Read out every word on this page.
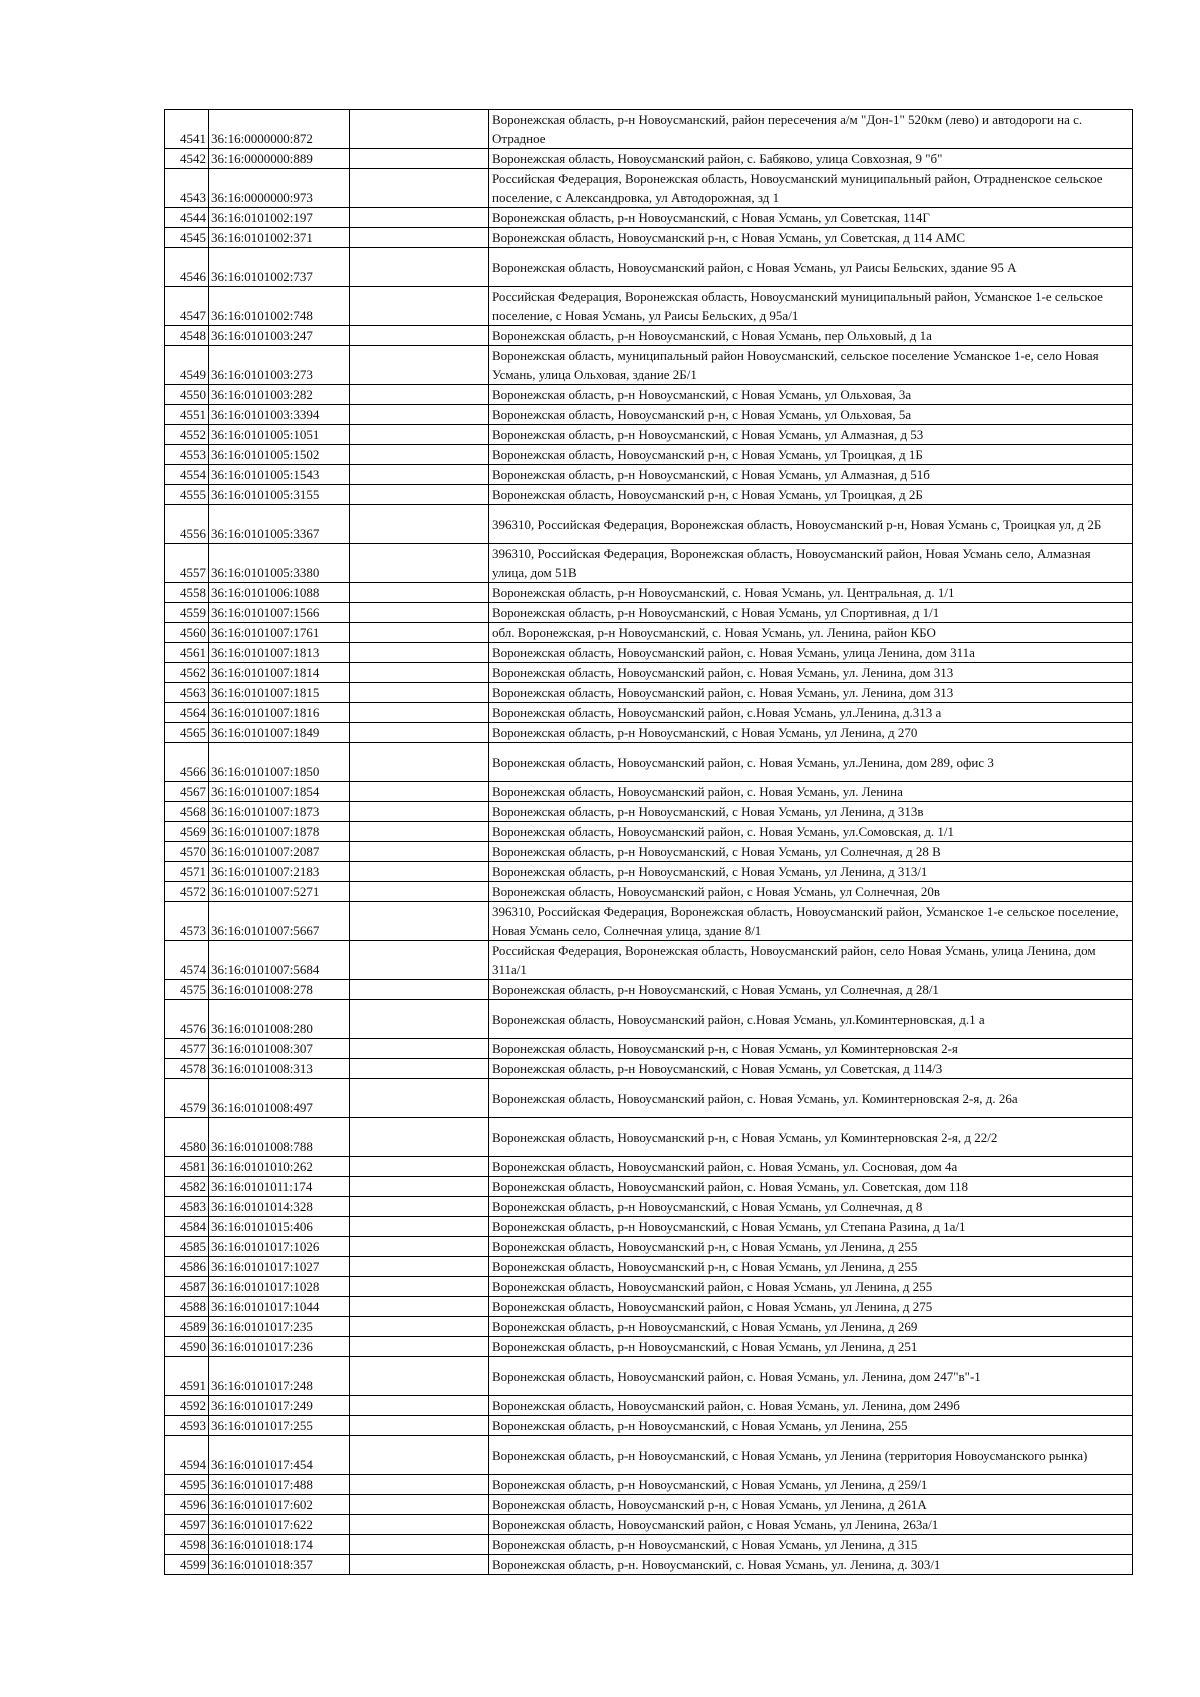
4541	36:16:0000000:872		Воронежская область, р-н Новоусманский, район пересечения а/м "Дон-1" 520км (лево) и автодороги на с. Отрадное
4542	36:16:0000000:889		Воронежская область, Новоусманский район, с. Бабяково, улица Совхозная, 9 "б"
4543	36:16:0000000:973		Российская Федерация, Воронежская область, Новоусманский муниципальный район, Отрадненское сельское поселение, с Александровка, ул Автодорожная, зд 1
4544	36:16:0101002:197		Воронежская область, р-н Новоусманский, с Новая Усмань, ул Советская, 114Г
4545	36:16:0101002:371		Воронежская область, Новоусманский р-н, с Новая Усмань, ул Советская, д 114 АМС
4546	36:16:0101002:737		Воронежская область, Новоусманский район, с Новая Усмань, ул Раисы Бельских, здание 95 А
4547	36:16:0101002:748		Российская Федерация, Воронежская область, Новоусманский муниципальный район, Усманское 1-е сельское поселение, с Новая Усмань, ул Раисы Бельских, д 95а/1
4548	36:16:0101003:247		Воронежская область, р-н Новоусманский, с Новая Усмань, пер Ольховый, д 1а
4549	36:16:0101003:273		Воронежская область, муниципальный район Новоусманский, сельское поселение Усманское 1-е, село Новая Усмань, улица Ольховая, здание 2Б/1
4550	36:16:0101003:282		Воронежская область, р-н Новоусманский, с Новая Усмань, ул Ольховая, 3а
4551	36:16:0101003:3394		Воронежская область, Новоусманский р-н, с Новая Усмань, ул Ольховая, 5а
4552	36:16:0101005:1051		Воронежская область, р-н Новоусманский, с Новая Усмань, ул Алмазная, д 53
4553	36:16:0101005:1502		Воронежская область, Новоусманский р-н, с Новая Усмань, ул Троицкая, д 1Б
4554	36:16:0101005:1543		Воронежская область, р-н Новоусманский, с Новая Усмань, ул Алмазная, д 51б
4555	36:16:0101005:3155		Воронежская область, Новоусманский р-н, с Новая Усмань, ул Троицкая, д 2Б
4556	36:16:0101005:3367		396310, Российская Федерация, Воронежская область, Новоусманский р-н, Новая Усмань с, Троицкая ул, д 2Б
4557	36:16:0101005:3380		396310, Российская Федерация, Воронежская область, Новоусманский район, Новая Усмань село, Алмазная улица, дом 51В
4558	36:16:0101006:1088		Воронежская область, р-н Новоусманский, с. Новая Усмань, ул. Центральная, д. 1/1
4559	36:16:0101007:1566		Воронежская область, р-н Новоусманский, с Новая Усмань, ул Спортивная, д 1/1
4560	36:16:0101007:1761		обл. Воронежская, р-н Новоусманский, с. Новая Усмань, ул. Ленина, район КБО
4561	36:16:0101007:1813		Воронежская область, Новоусманский район, с. Новая Усмань, улица Ленина, дом 311а
4562	36:16:0101007:1814		Воронежская область, Новоусманский район, с. Новая Усмань, ул. Ленина, дом 313
4563	36:16:0101007:1815		Воронежская область, Новоусманский район, с. Новая Усмань, ул. Ленина, дом 313
4564	36:16:0101007:1816		Воронежская область, Новоусманский район, с.Новая Усмань, ул.Ленина, д.313 а
4565	36:16:0101007:1849		Воронежская область, р-н Новоусманский, с Новая Усмань, ул Ленина, д 270
4566	36:16:0101007:1850		Воронежская область, Новоусманский район, с. Новая Усмань, ул.Ленина, дом 289, офис 3
4567	36:16:0101007:1854		Воронежская область, Новоусманский район, с. Новая Усмань, ул. Ленина
4568	36:16:0101007:1873		Воронежская область, р-н Новоусманский, с Новая Усмань, ул Ленина, д 313в
4569	36:16:0101007:1878		Воронежская область, Новоусманский район, с. Новая Усмань, ул.Сомовская, д. 1/1
4570	36:16:0101007:2087		Воронежская область, р-н Новоусманский, с Новая Усмань, ул Солнечная, д 28 В
4571	36:16:0101007:2183		Воронежская область, р-н Новоусманский, с Новая Усмань, ул Ленина, д 313/1
4572	36:16:0101007:5271		Воронежская область, Новоусманский район, с Новая Усмань, ул Солнечная, 20в
4573	36:16:0101007:5667		396310, Российская Федерация, Воронежская область, Новоусманский район, Усманское 1-е сельское поселение, Новая Усмань село, Солнечная улица, здание 8/1
4574	36:16:0101007:5684		Российская Федерация, Воронежская область, Новоусманский район, село Новая Усмань, улица Ленина, дом 311а/1
4575	36:16:0101008:278		Воронежская область, р-н Новоусманский, с Новая Усмань, ул Солнечная, д 28/1
4576	36:16:0101008:280		Воронежская область, Новоусманский район, с.Новая Усмань, ул.Коминтерновская, д.1 а
4577	36:16:0101008:307		Воронежская область, Новоусманский р-н, с Новая Усмань, ул Коминтерновская 2-я
4578	36:16:0101008:313		Воронежская область, р-н Новоусманский, с Новая Усмань, ул Советская, д 114/3
4579	36:16:0101008:497		Воронежская область, Новоусманский район, с. Новая Усмань, ул. Коминтерновская 2-я, д. 26а
4580	36:16:0101008:788		Воронежская область, Новоусманский р-н, с Новая Усмань, ул Коминтерновская 2-я, д 22/2
4581	36:16:0101010:262		Воронежская область, Новоусманский район, с. Новая Усмань, ул. Сосновая, дом 4а
4582	36:16:0101011:174		Воронежская область, Новоусманский район, с. Новая Усмань, ул. Советская, дом 118
4583	36:16:0101014:328		Воронежская область, р-н Новоусманский, с Новая Усмань, ул Солнечная, д 8
4584	36:16:0101015:406		Воронежская область, р-н Новоусманский, с Новая Усмань, ул Степана Разина, д 1а/1
4585	36:16:0101017:1026		Воронежская область, Новоусманский р-н, с Новая Усмань, ул Ленина, д 255
4586	36:16:0101017:1027		Воронежская область, Новоусманский р-н, с Новая Усмань, ул Ленина, д 255
4587	36:16:0101017:1028		Воронежская область, Новоусманский район, с Новая Усмань, ул Ленина, д 255
4588	36:16:0101017:1044		Воронежская область, Новоусманский район, с Новая Усмань, ул Ленина, д 275
4589	36:16:0101017:235		Воронежская область, р-н Новоусманский, с Новая Усмань, ул Ленина, д 269
4590	36:16:0101017:236		Воронежская область, р-н Новоусманский, с Новая Усмань, ул Ленина, д 251
4591	36:16:0101017:248		Воронежская область, Новоусманский район, с. Новая Усмань, ул. Ленина, дом 247"в"-1
4592	36:16:0101017:249		Воронежская область, Новоусманский район, с. Новая Усмань, ул. Ленина, дом 249б
4593	36:16:0101017:255		Воронежская область, р-н Новоусманский, с Новая Усмань, ул Ленина, 255
4594	36:16:0101017:454		Воронежская область, р-н Новоусманский, с Новая Усмань, ул Ленина (территория Новоусманского рынка)
4595	36:16:0101017:488		Воронежская область, р-н Новоусманский, с Новая Усмань, ул Ленина, д 259/1
4596	36:16:0101017:602		Воронежская область, Новоусманский р-н, с Новая Усмань, ул Ленина, д 261А
4597	36:16:0101017:622		Воронежская область, Новоусманский район, с Новая Усмань, ул Ленина, 263а/1
4598	36:16:0101018:174		Воронежская область, р-н Новоусманский, с Новая Усмань, ул Ленина, д 315
4599	36:16:0101018:357		Воронежская область, р-н. Новоусманский, с. Новая Усмань, ул. Ленина, д. 303/1
